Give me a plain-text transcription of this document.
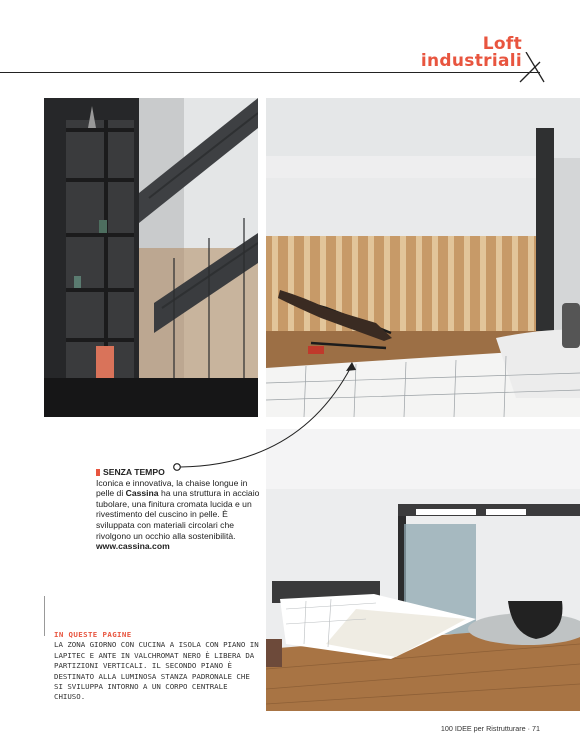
Loft
industriali
SENZA TEMPO
Iconica e innovativa, la chaise longue in pelle di Cassina ha una struttura in acciaio tubolare, una finitura cromata lucida e un rivestimento del cuscino in pelle. È sviluppata con materiali circolari che rivolgono un occhio alla sostenibilità.
www.cassina.com
IN QUESTE PAGINE
LA ZONA GIORNO CON CUCINA A ISOLA CON PIANO IN LAPITEC E ANTE IN VALCHROMAT NERO È LIBERA DA PARTIZIONI VERTICALI. IL SECONDO PIANO È DESTINATO ALLA LUMINOSA STANZA PADRONALE CHE SI SVILUPPA INTORNO A UN CORPO CENTRALE CHIUSO.
100 IDEE per Ristrutturare · 71
